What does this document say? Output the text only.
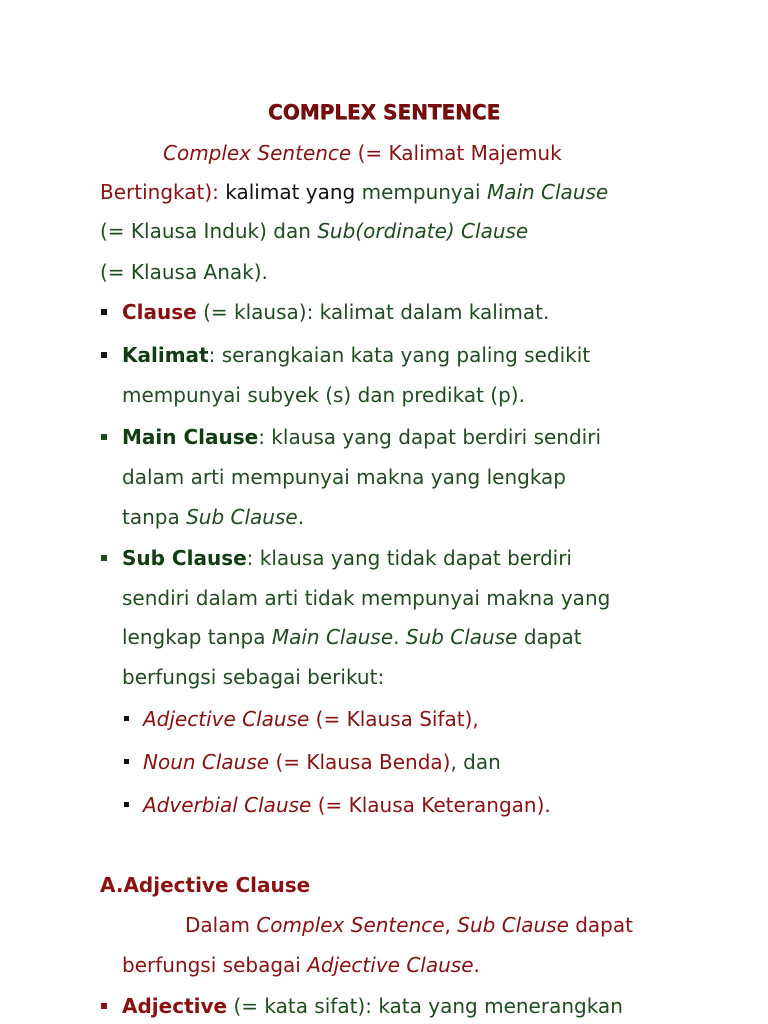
COMPLEX SENTENCE
Complex Sentence (= Kalimat Majemuk
Bertingkat): kalimat yang mempunyai Main Clause
(= Klausa Induk) dan Sub(ordinate) Clause
(= Klausa Anak).
Clause (= klausa): kalimat dalam kalimat.
Kalimat: serangkaian kata yang paling sedikit
mempunyai subyek (s) dan predikat (p).
Main Clause: klausa yang dapat berdiri sendiri
dalam arti mempunyai makna yang lengkap
tanpa Sub Clause.
Sub Clause: klausa yang tidak dapat berdiri
sendiri dalam arti tidak mempunyai makna yang
lengkap tanpa Main Clause. Sub Clause dapat
berfungsi sebagai berikut:
Adjective Clause (= Klausa Sifat),
Noun Clause (= Klausa Benda), dan
Adverbial Clause (= Klausa Keterangan).
A.Adjective Clause
Dalam Complex Sentence, Sub Clause dapat
berfungsi sebagai Adjective Clause.
Adjective (= kata sifat): kata yang menerangkan
